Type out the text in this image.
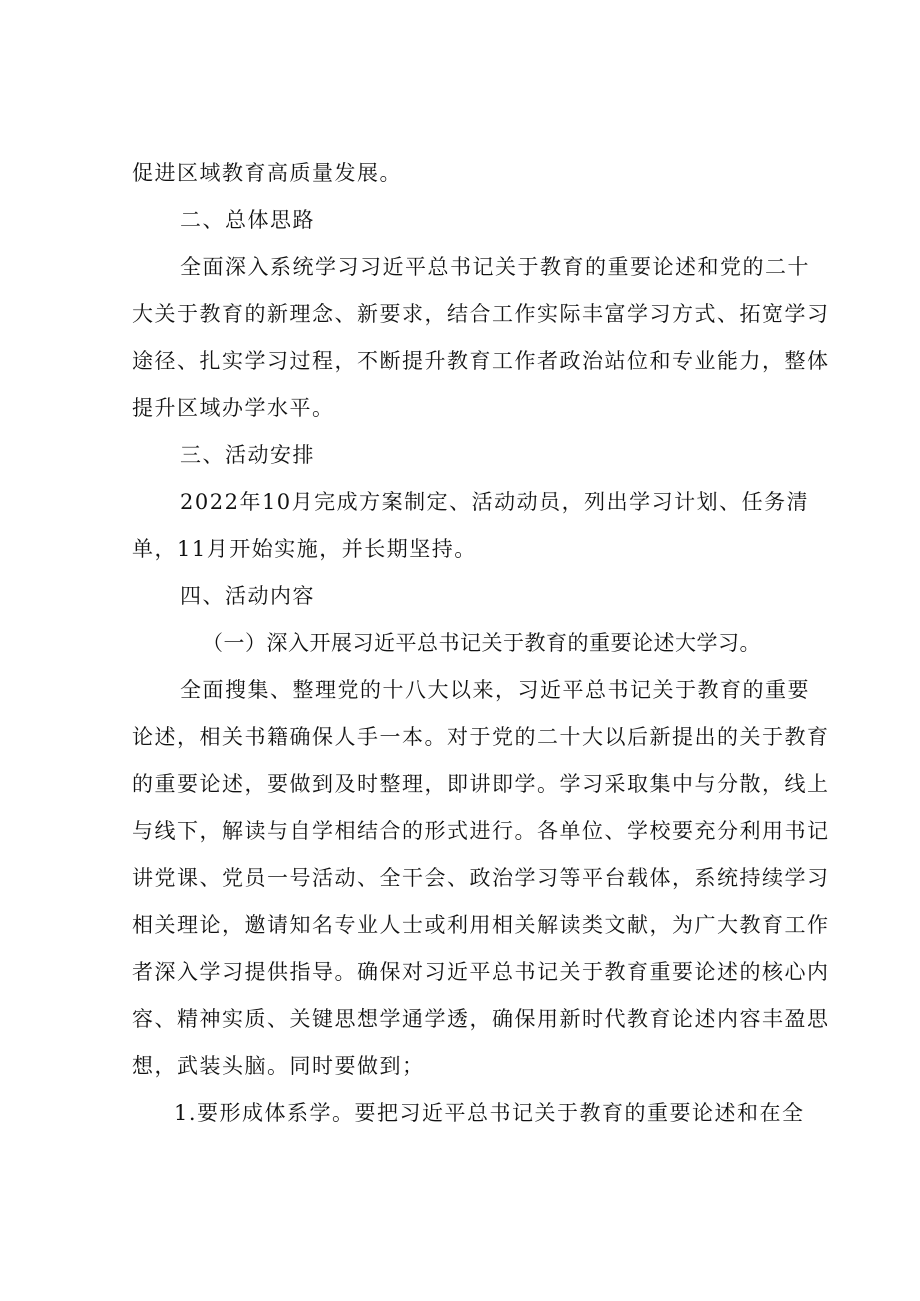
促进区域教育高质量发展。
二、总体思路
全面深入系统学习习近平总书记关于教育的重要论述和党的二十
大关于教育的新理念、新要求，结合工作实际丰富学习方式、拓宽学习
途径、扎实学习过程，不断提升教育工作者政治站位和专业能力，整体
提升区域办学水平。
三、活动安排
2022年10月完成方案制定、活动动员，列出学习计划、任务清
单，11月开始实施，并长期坚持。
四、活动内容
（一）深入开展习近平总书记关于教育的重要论述大学习。
全面搜集、整理党的十八大以来，习近平总书记关于教育的重要
论述，相关书籍确保人手一本。对于党的二十大以后新提出的关于教育
的重要论述，要做到及时整理，即讲即学。学习采取集中与分散，线上
与线下，解读与自学相结合的形式进行。各单位、学校要充分利用书记
讲党课、党员一号活动、全干会、政治学习等平台载体，系统持续学习
相关理论，邀请知名专业人士或利用相关解读类文献，为广大教育工作
者深入学习提供指导。确保对习近平总书记关于教育重要论述的核心内
容、精神实质、关键思想学通学透，确保用新时代教育论述内容丰盈思
想，武装头脑。同时要做到；
1.要形成体系学。要把习近平总书记关于教育的重要论述和在全
